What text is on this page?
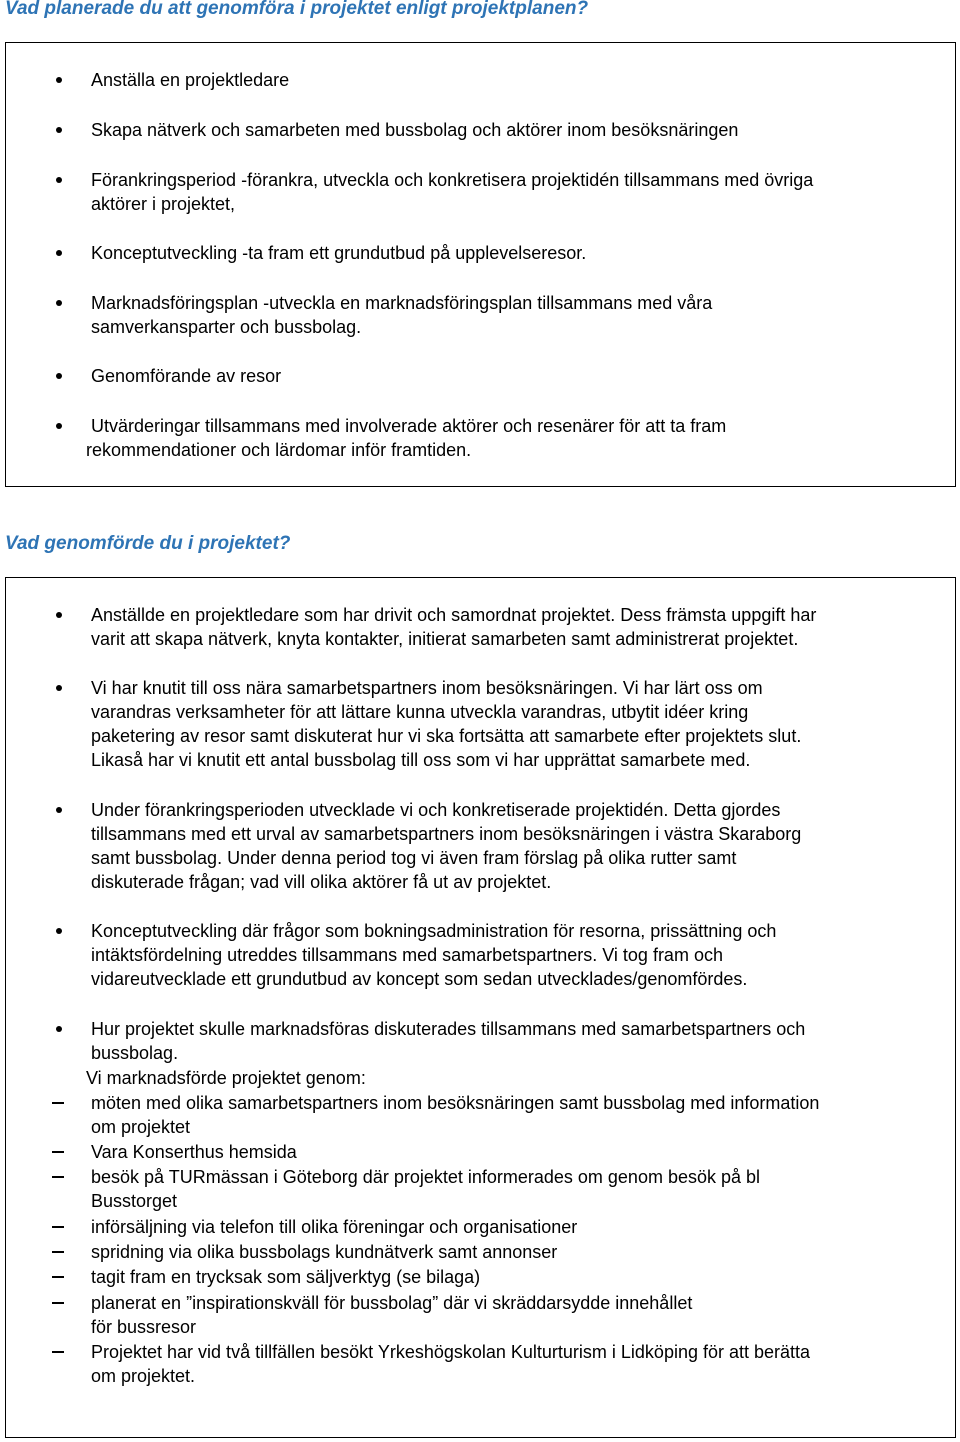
Vad planerade du att genomföra i projektet enligt projektplanen?
Vad genomförde du i projektet?
Anställa en projektledare
Skapa nätverk och samarbeten med bussbolag och aktörer inom besöksnäringen
Förankringsperiod -förankra, utveckla och konkretisera projektidén tillsammans med övriga
aktörer i projektet,
Konceptutveckling -ta fram ett grundutbud på upplevelseresor.
Marknadsföringsplan -utveckla en marknadsföringsplan tillsammans med våra
samverkansparter och bussbolag.
Genomförande av resor
Utvärderingar tillsammans med involverade aktörer och resenärer för att ta fram
rekommendationer och lärdomar inför framtiden.
Anställde en projektledare som har drivit och samordnat projektet. Dess främsta uppgift har
varit att skapa nätverk, knyta kontakter, initierat samarbeten samt administrerat projektet.
Vi har knutit till oss nära samarbetspartners inom besöksnäringen. Vi har lärt oss om
varandras verksamheter för att lättare kunna utveckla varandras, utbytit idéer kring
paketering av resor samt diskuterat hur vi ska fortsätta att samarbete efter projektets slut.
Likaså har vi knutit ett antal bussbolag till oss som vi har upprättat samarbete med.
Under förankringsperioden utvecklade vi och konkretiserade projektidén. Detta gjordes
tillsammans med ett urval av samarbetspartners inom besöksnäringen i västra Skaraborg
samt bussbolag. Under denna period tog vi även fram förslag på olika rutter samt
diskuterade frågan; vad vill olika aktörer få ut av projektet.
Konceptutveckling där frågor som bokningsadministration för resorna, prissättning och
intäktsfördelning utreddes tillsammans med samarbetspartners. Vi tog fram och
vidareutvecklade ett grundutbud av koncept som sedan utvecklades/genomfördes.
Hur projektet skulle marknadsföras diskuterades tillsammans med samarbetspartners och
bussbolag.
Vi marknadsförde projektet genom:
möten med olika samarbetspartners inom besöksnäringen samt bussbolag med information
om projektet
Vara Konserthus hemsida
besök på TURmässan i Göteborg där projektet informerades om genom besök på bl
Busstorget
införsäljning via telefon till olika föreningar och organisationer
spridning via olika bussbolags kundnätverk samt annonser
tagit fram en trycksak som säljverktyg (se bilaga)
planerat en ”inspirationskväll för bussbolag” där vi skräddarsydde innehållet
för bussresor
Projektet har vid två tillfällen besökt Yrkeshögskolan Kulturturism i Lidköping för att berätta
om projektet.
